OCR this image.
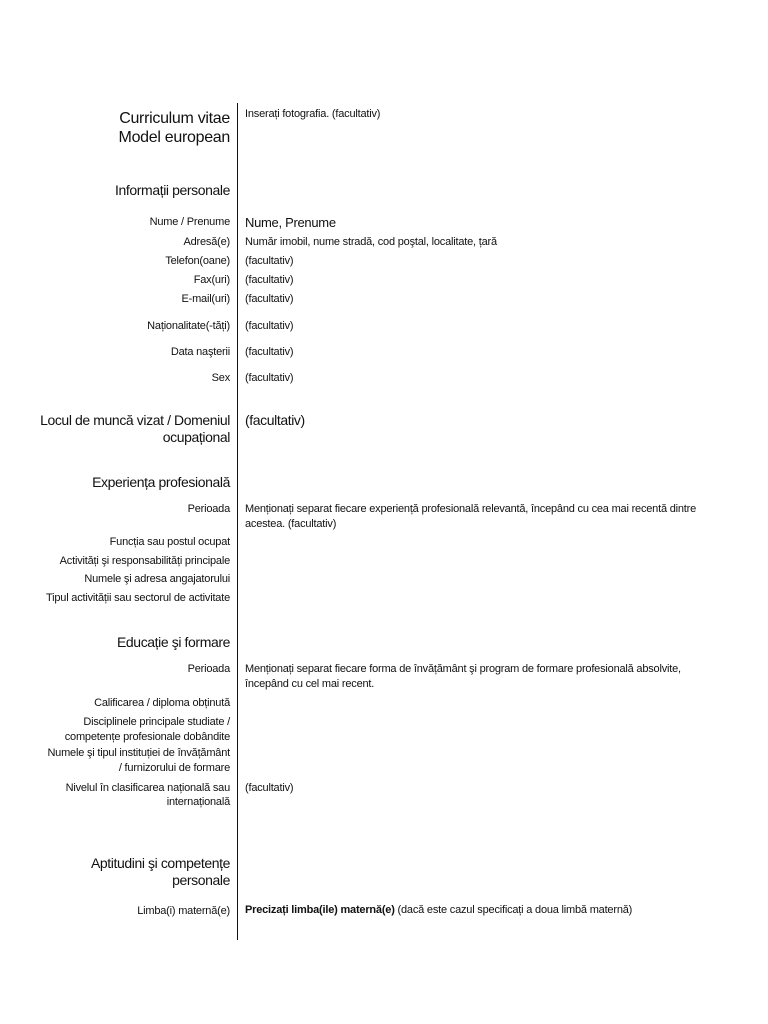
Curriculum vitae
Model european
Inserați fotografia. (facultativ)
Informații personale
Nume / Prenume Nume, Prenume
Adresă(e) Număr imobil, nume stradă, cod poştal, localitate, țară
Telefon(oane) (facultativ)
Fax(uri) (facultativ)
E-mail(uri) (facultativ)
Naționalitate(-tăți) (facultativ)
Data naşterii (facultativ)
Sex (facultativ)
Locul de muncă vizat / Domeniul
ocupațional
(facultativ)
Experiența profesională
Perioada Menționați separat fiecare experiență profesională relevantă, începând cu cea mai recentă dintre acestea. (facultativ)
Funcția sau postul ocupat
Activități şi responsabilități principale
Numele şi adresa angajatorului
Tipul activității sau sectorul de activitate
Educație şi formare
Perioada Menționați separat fiecare forma de învățământ şi program de formare profesională absolvite, începând cu cel mai recent.
Calificarea / diploma obținută
Disciplinele principale studiate /
competențe profesionale dobândite
Numele şi tipul instituției de învățământ
/ furnizorului de formare
Nivelul în clasificarea națională sau
internațională
(facultativ)
Aptitudini şi competențe
personale
Limba(i) maternă(e) Precizați limba(ile) maternă(e) (dacă este cazul specificați a doua limbă maternă)
